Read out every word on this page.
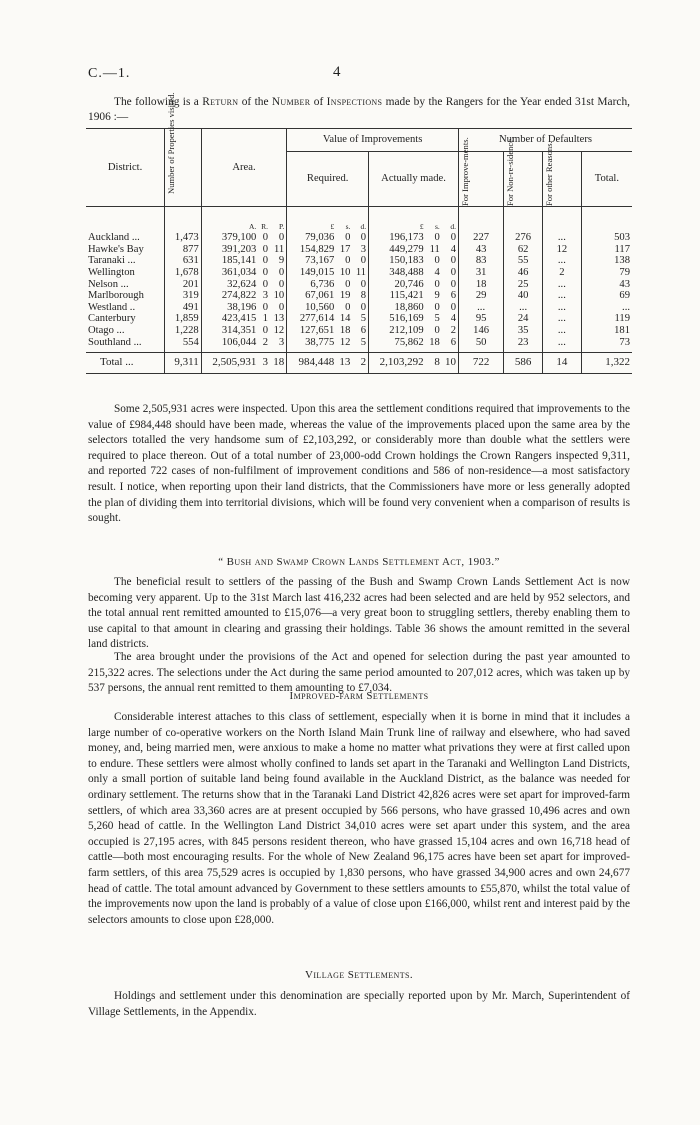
C.—1.	4
The following is a Return of the Number of Inspections made by the Rangers for the Year ended 31st March, 1906 :—
District.	Number of Properties visited.	Area.			Value of Improvements						Number of Defaulters			
					Required.			Actually made.			For Improve-ments.	For Non-re-sidence.	For other Reasons.	Total.
		A.	R.	P.	£	s.	d.	£	s.	d.				
Auckland ...	1,473	379,100	0	0	79,036	0	0	196,173	0	0	227	276	...	503
Hawke's Bay	877	391,203	0	11	154,829	17	3	449,279	11	4	43	62	12	117
Taranaki ...	631	185,141	0	9	73,167	0	0	150,183	0	0	83	55	...	138
Wellington	1,678	361,034	0	0	149,015	10	11	348,488	4	0	31	46	2	79
Nelson ...	201	32,624	0	0	6,736	0	0	20,746	0	0	18	25	...	43
Marlborough	319	274,822	3	10	67,061	19	8	115,421	9	6	29	40	...	69
Westland ..	491	38,196	0	0	10,560	0	0	18,860	0	0	...	...	...	...
Canterbury	1,859	423,415	1	13	277,614	14	5	516,169	5	4	95	24	...	119
Otago ...	1,228	314,351	0	12	127,651	18	6	212,109	0	2	146	35	...	181
Southland ...	554	106,044	2	3	38,775	12	5	75,862	18	6	50	23	...	73

Total ...	9,311	2,505,931	3	18	984,448	13	2	2,103,292	8	10	722	586	14	1,322

Some 2,505,931 acres were inspected. Upon this area the settlement conditions required that improvements to the value of £984,448 should have been made, whereas the value of the improvements placed upon the same area by the selectors totalled the very handsome sum of £2,103,292, or considerably more than double what the settlers were required to place thereon. Out of a total number of 23,000-odd Crown holdings the Crown Rangers inspected 9,311, and reported 722 cases of non-fulfilment of improvement conditions and 586 of non-residence—a most satisfactory result. I notice, when reporting upon their land districts, that the Commissioners have more or less generally adopted the plan of dividing them into territorial divisions, which will be found very convenient when a comparison of results is sought.

“ Bush and Swamp Crown Lands Settlement Act, 1903.”

The beneficial result to settlers of the passing of the Bush and Swamp Crown Lands Settlement Act is now becoming very apparent. Up to the 31st March last 416,232 acres had been selected and are held by 952 selectors, and the total annual rent remitted amounted to £15,076—a very great boon to struggling settlers, thereby enabling them to use capital to that amount in clearing and grassing their holdings. Table 36 shows the amount remitted in the several land districts.

The area brought under the provisions of the Act and opened for selection during the past year amounted to 215,322 acres. The selections under the Act during the same period amounted to 207,012 acres, which was taken up by 537 persons, the annual rent remitted to them amounting to £7,034.

Improved-farm Settlements

Considerable interest attaches to this class of settlement, especially when it is borne in mind that it includes a large number of co-operative workers on the North Island Main Trunk line of railway and elsewhere, who had saved money, and, being married men, were anxious to make a home no matter what privations they were at first called upon to endure. These settlers were almost wholly confined to lands set apart in the Taranaki and Wellington Land Districts, only a small portion of suitable land being found available in the Auckland District, as the balance was needed for ordinary settlement. The returns show that in the Taranaki Land District 42,826 acres were set apart for improved-farm settlers, of which area 33,360 acres are at present occupied by 566 persons, who have grassed 10,496 acres and own 5,260 head of cattle. In the Wellington Land District 34,010 acres were set apart under this system, and the area occupied is 27,195 acres, with 845 persons resident thereon, who have grassed 15,104 acres and own 16,718 head of cattle—both most encouraging results. For the whole of New Zealand 96,175 acres have been set apart for improved-farm settlers, of this area 75,529 acres is occupied by 1,830 persons, who have grassed 34,900 acres and own 24,677 head of cattle. The total amount advanced by Government to these settlers amounts to £55,870, whilst the total value of the improvements now upon the land is probably of a value of close upon £166,000, whilst rent and interest paid by the selectors amounts to close upon £28,000.

Village Settlements.

Holdings and settlement under this denomination are specially reported upon by Mr. March, Superintendent of Village Settlements, in the Appendix.
